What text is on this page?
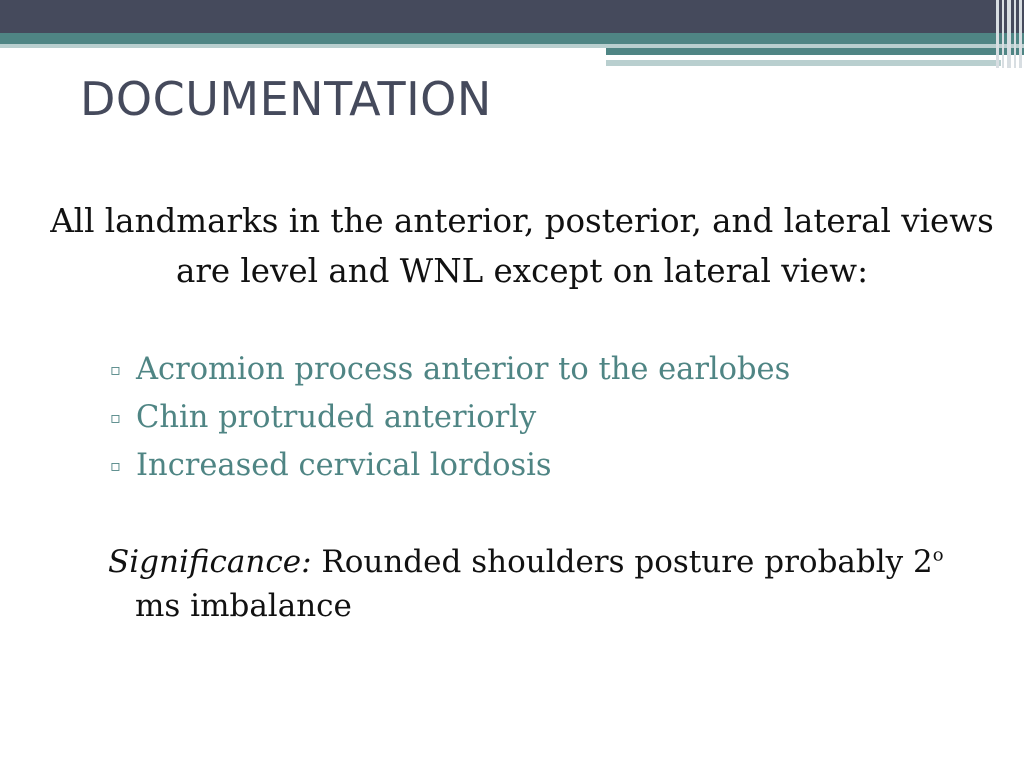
DOCUMENTATION

All landmarks in the anterior, posterior, and lateral views are level and WNL except on lateral view:

▫ Acromion process anterior to the earlobes
▫ Chin protruded anteriorly
▫ Increased cervical lordosis

Significance: Rounded shoulders posture probably 2$^o$ ms imbalance
